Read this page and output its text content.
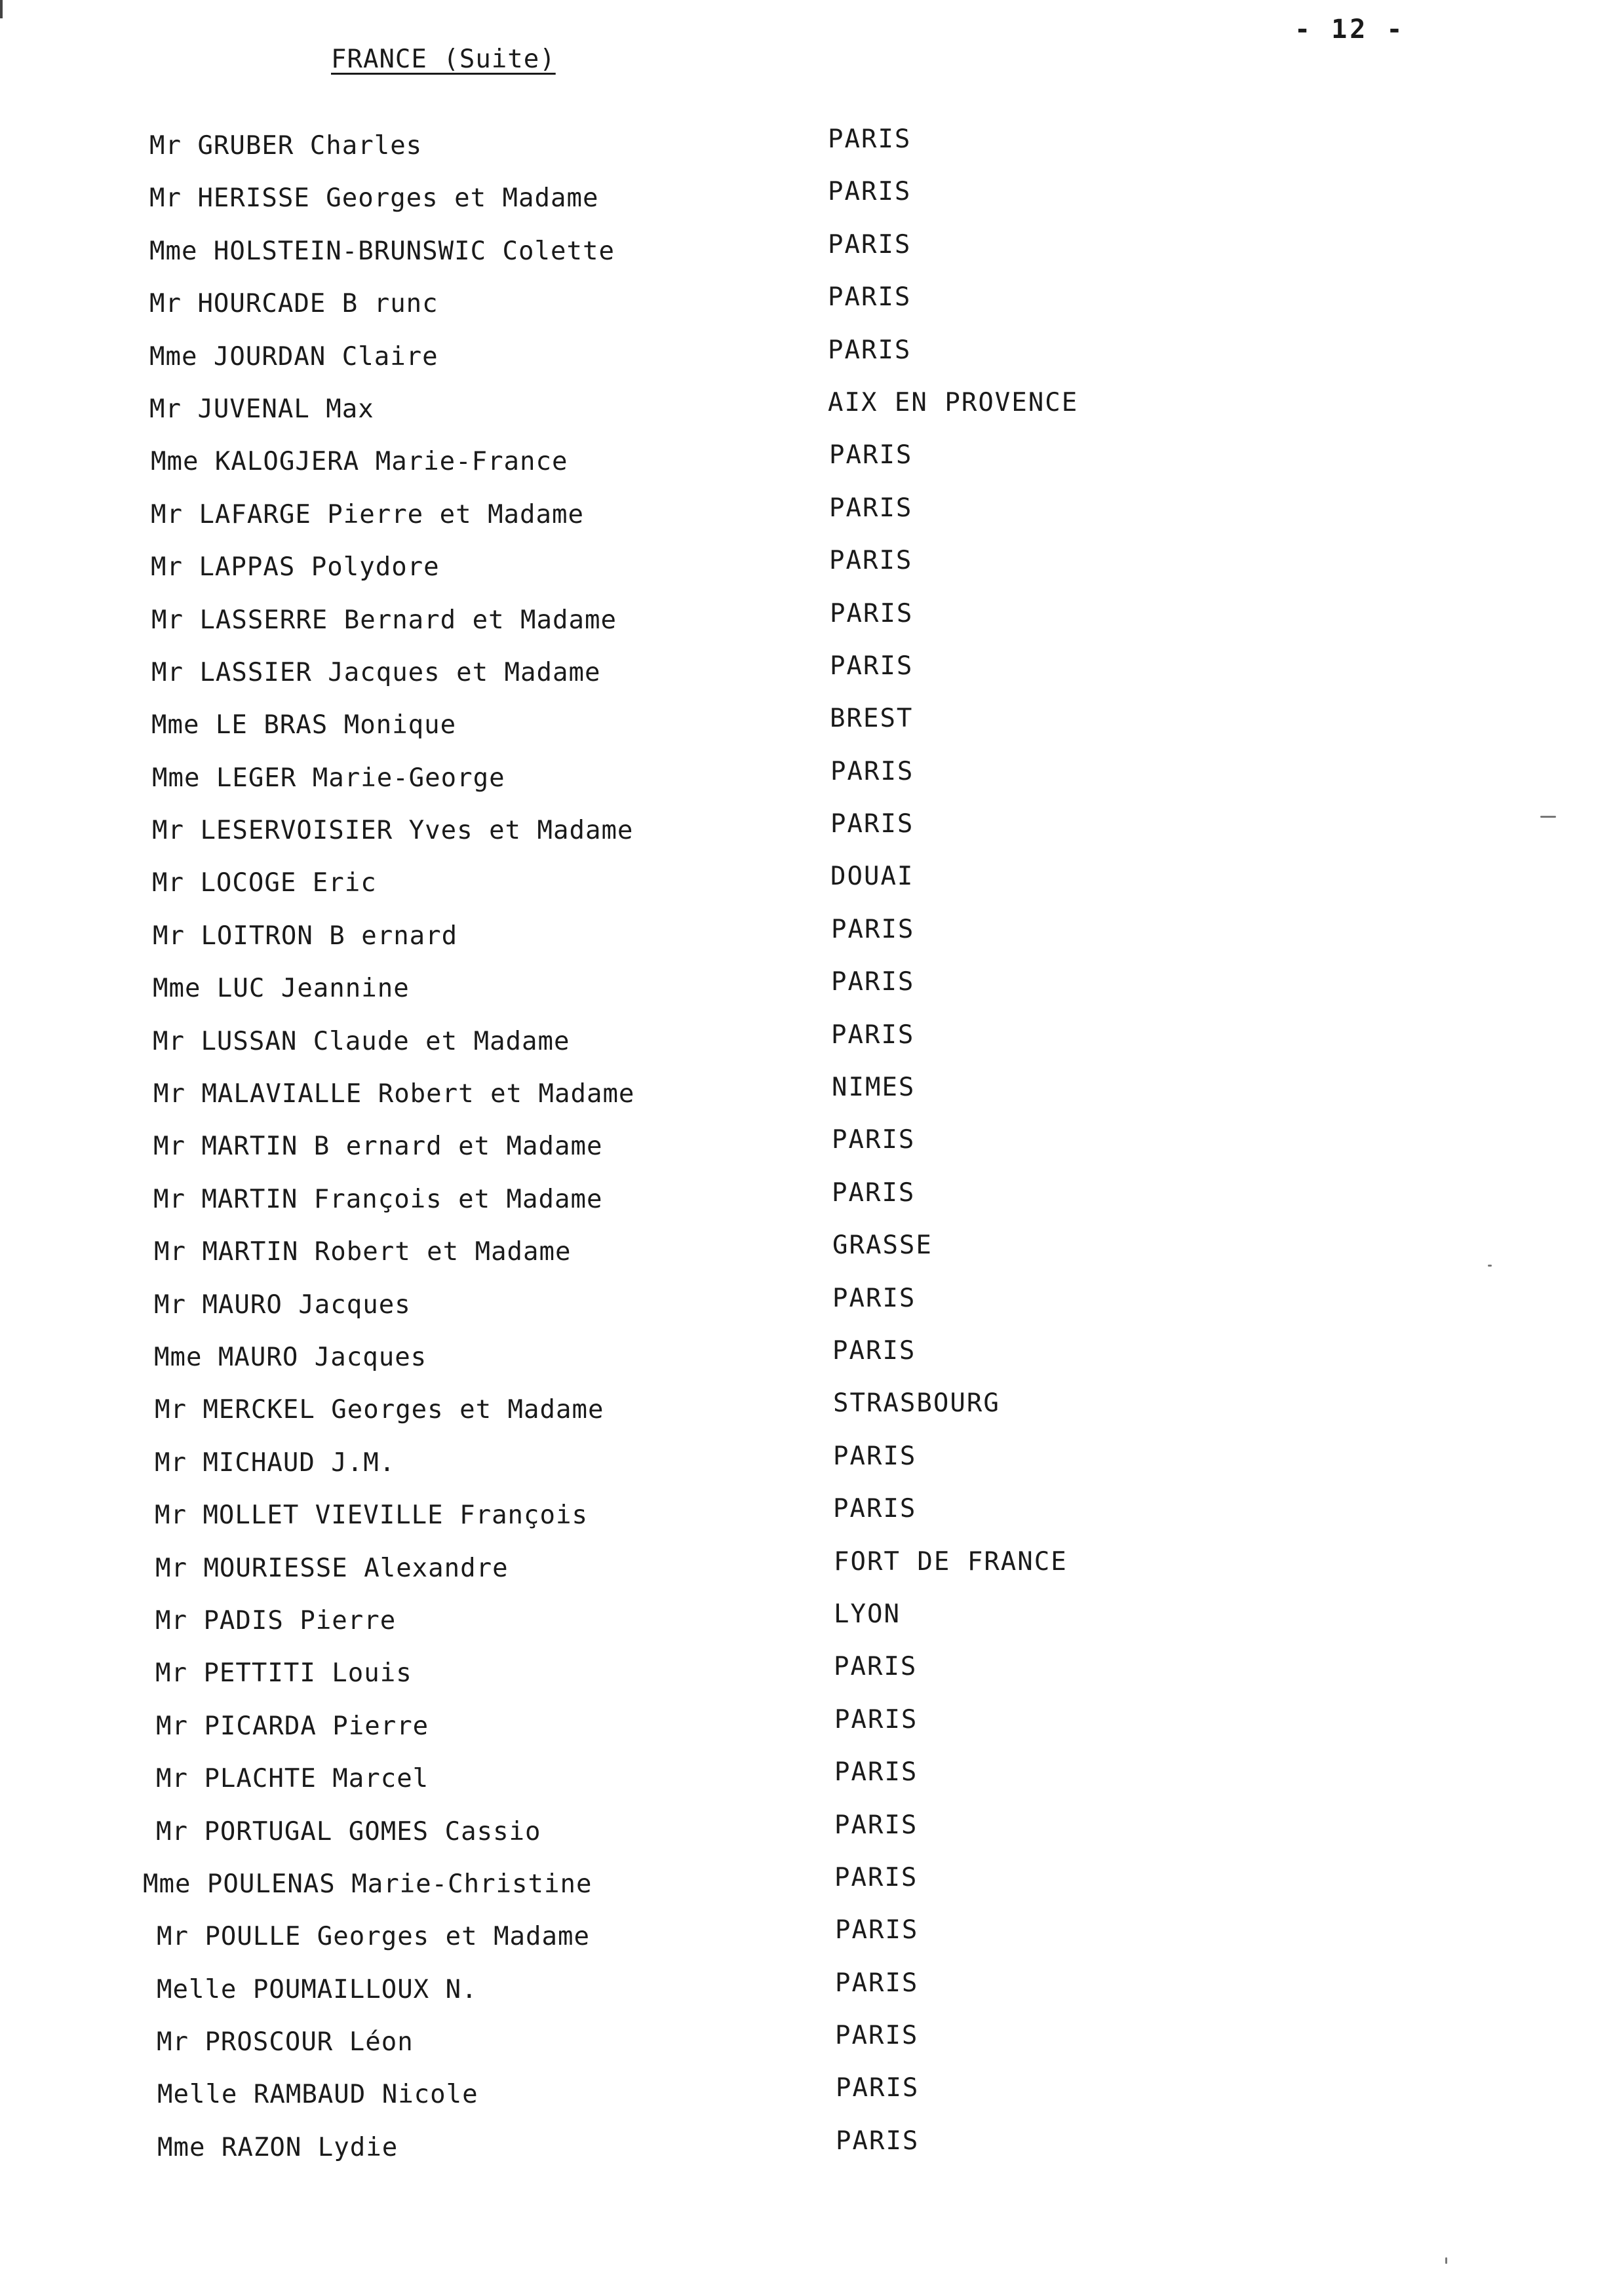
- 12 -
FRANCE (Suite)
Mr GRUBER Charles	PARIS
Mr HERISSE Georges et Madame	PARIS
Mme HOLSTEIN-BRUNSWIC Colette	PARIS
Mr HOURCADE B runc	PARIS
Mme JOURDAN Claire	PARIS
Mr JUVENAL Max	AIX EN PROVENCE
Mme KALOGJERA Marie-France	PARIS
Mr LAFARGE Pierre et Madame	PARIS
Mr LAPPAS Polydore	PARIS
Mr LASSERRE Bernard et Madame	PARIS
Mr LASSIER Jacques et Madame	PARIS
Mme LE BRAS Monique	BREST
Mme LEGER Marie-George	PARIS
Mr LESERVOISIER Yves et Madame	PARIS
Mr LOCOGE Eric	DOUAI
Mr LOITRON B ernard	PARIS
Mme LUC Jeannine	PARIS
Mr LUSSAN Claude et Madame	PARIS
Mr MALAVIALLE Robert et Madame	NIMES
Mr MARTIN B ernard et Madame	PARIS
Mr MARTIN François et Madame	PARIS
Mr MARTIN Robert et Madame	GRASSE
Mr MAURO Jacques	PARIS
Mme MAURO Jacques	PARIS
Mr MERCKEL Georges et Madame	STRASBOURG
Mr MICHAUD J.M.	PARIS
Mr MOLLET VIEVILLE François	PARIS
Mr MOURIESSE Alexandre	FORT DE FRANCE
Mr PADIS Pierre	LYON
Mr PETTITI Louis	PARIS
Mr PICARDA Pierre	PARIS
Mr PLACHTE Marcel	PARIS
Mr PORTUGAL GOMES Cassio	PARIS
Mme POULENAS Marie-Christine	PARIS
Mr POULLE Georges et Madame	PARIS
Melle POUMAILLOUX N.	PARIS
Mr PROSCOUR Léon	PARIS
Melle RAMBAUD Nicole	PARIS
Mme RAZON Lydie	PARIS
